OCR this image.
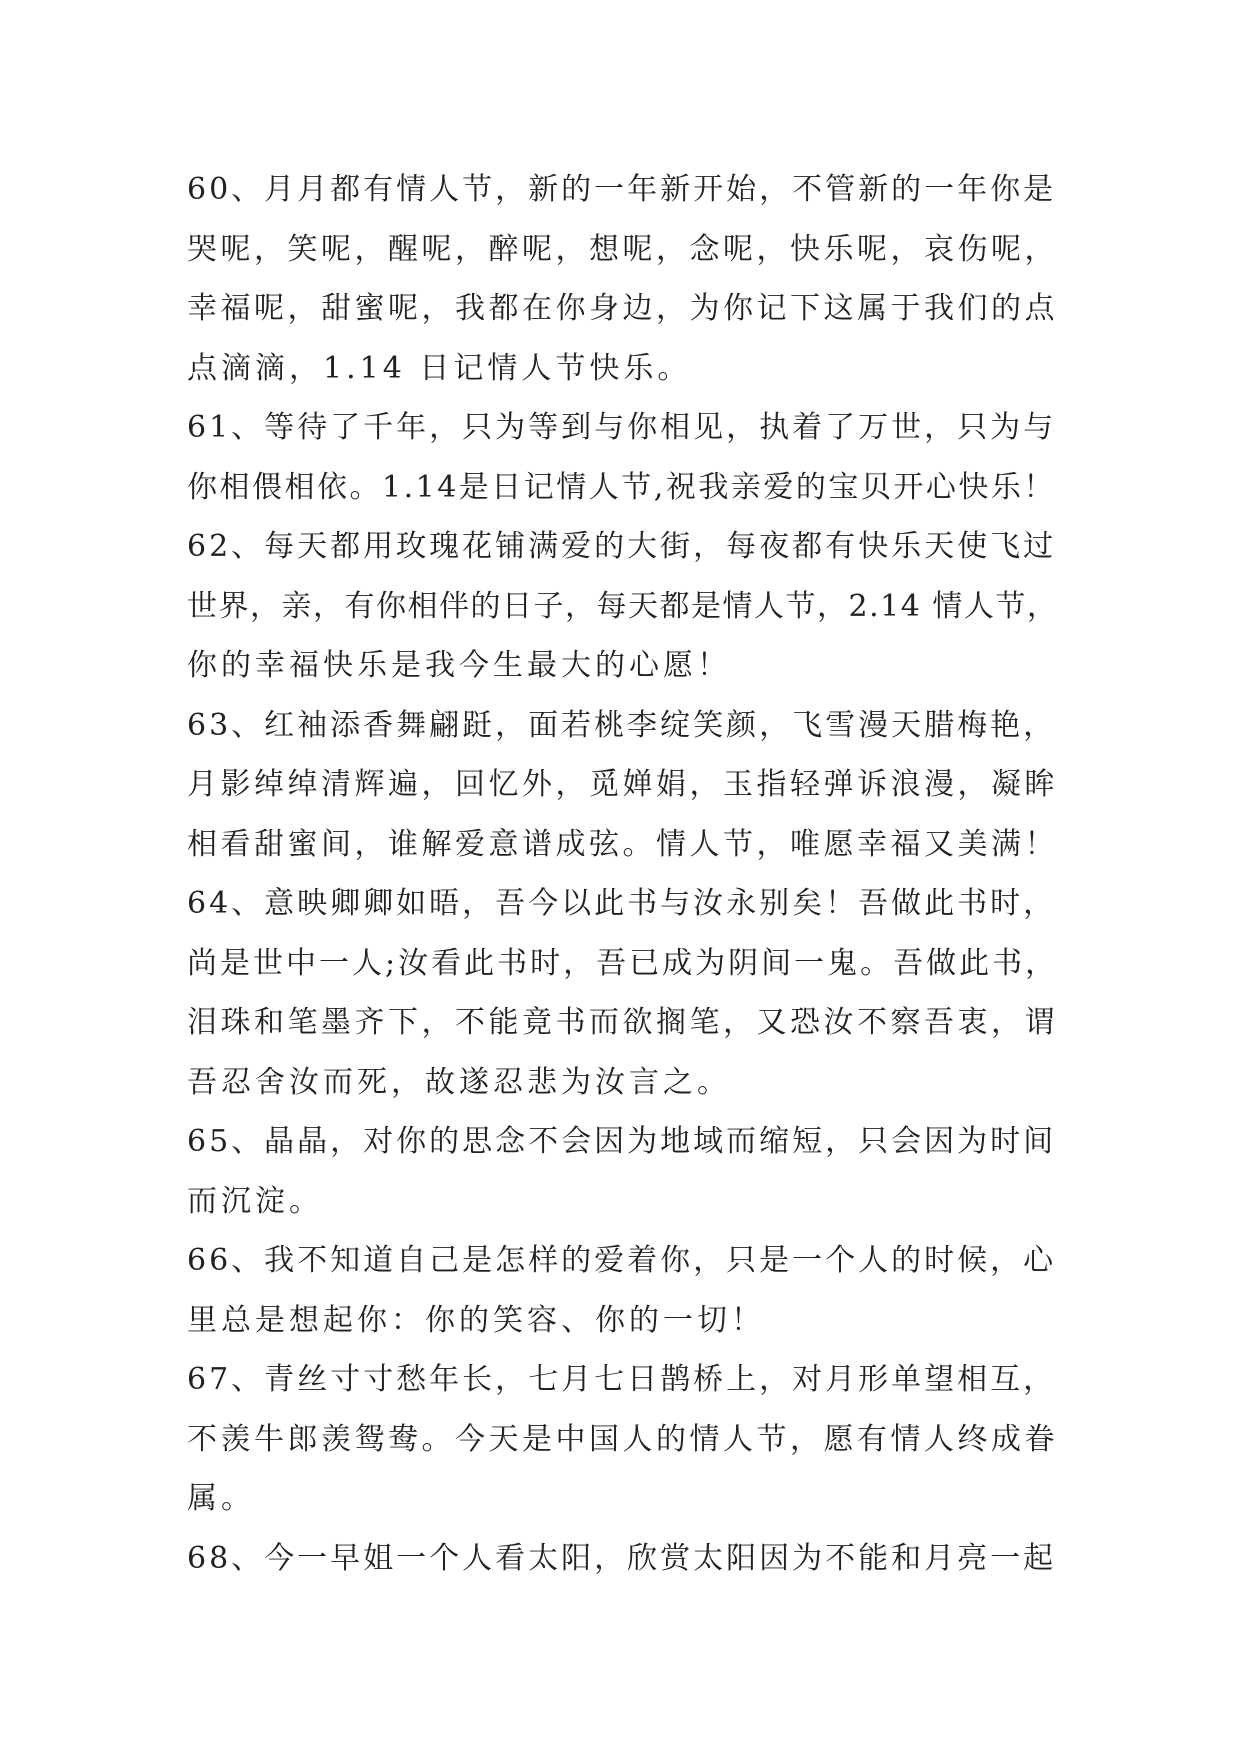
60、月月都有情人节，新的一年新开始，不管新的一年你是
哭呢，笑呢，醒呢，醉呢，想呢，念呢，快乐呢，哀伤呢，
幸福呢，甜蜜呢，我都在你身边，为你记下这属于我们的点
点滴滴，1.14 日记情人节快乐。
61、等待了千年，只为等到与你相见，执着了万世，只为与
你相偎相依。1.14是日记情人节,祝我亲爱的宝贝开心快乐！
62、每天都用玫瑰花铺满爱的大街，每夜都有快乐天使飞过
世界，亲，有你相伴的日子，每天都是情人节，2.14 情人节，
你的幸福快乐是我今生最大的心愿！
63、红袖添香舞翩跹，面若桃李绽笑颜，飞雪漫天腊梅艳，
月影绰绰清辉遍，回忆外，觅婵娟，玉指轻弹诉浪漫，凝眸
相看甜蜜间，谁解爱意谱成弦。情人节，唯愿幸福又美满！
64、意映卿卿如晤，吾今以此书与汝永别矣！吾做此书时，
尚是世中一人;汝看此书时，吾已成为阴间一鬼。吾做此书，
泪珠和笔墨齐下，不能竟书而欲搁笔，又恐汝不察吾衷，谓
吾忍舍汝而死，故遂忍悲为汝言之。
65、晶晶，对你的思念不会因为地域而缩短，只会因为时间
而沉淀。
66、我不知道自己是怎样的爱着你，只是一个人的时候，心
里总是想起你：你的笑容、你的一切！
67、青丝寸寸愁年长，七月七日鹊桥上，对月形单望相互，
不羡牛郎羡鸳鸯。今天是中国人的情人节，愿有情人终成眷
属。
68、今一早姐一个人看太阳，欣赏太阳因为不能和月亮一起
